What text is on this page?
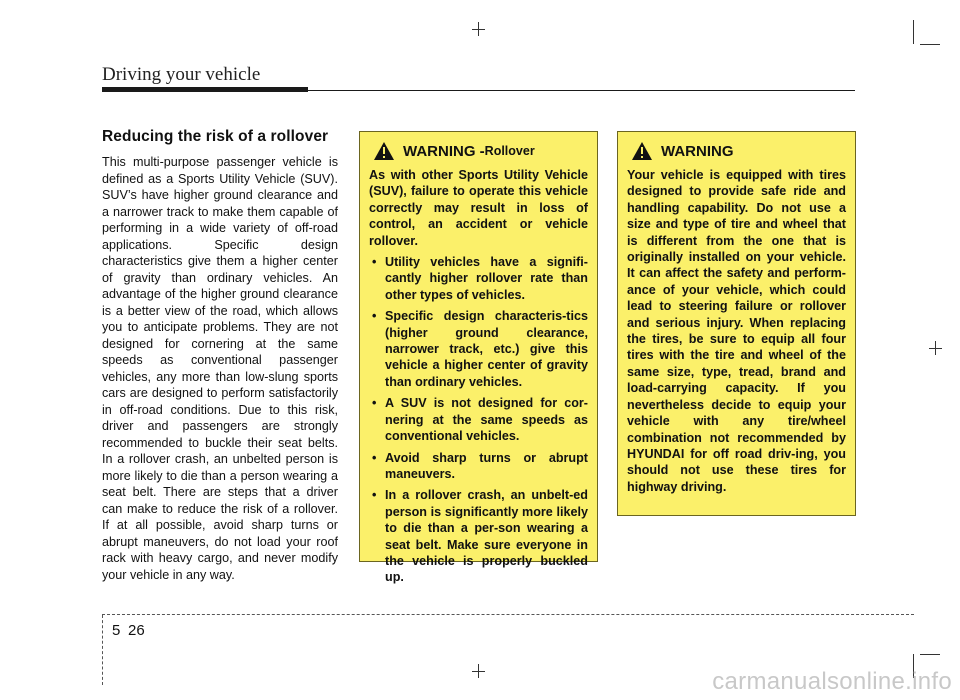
Driving your vehicle
Reducing the risk of a rollover

This multi-purpose passenger vehicle is defined as a Sports Utility Vehicle (SUV). SUV’s have higher ground clearance and a narrower track to make them capable of performing in a wide variety of off-road applications. Specific design characteristics give them a higher center of gravity than ordinary vehicles. An advantage of the higher ground clearance is a better view of the road, which allows you to anticipate problems. They are not designed for cornering at the same speeds as conventional passenger vehicles, any more than low-slung sports cars are designed to perform satisfactorily in off-road conditions. Due to this risk, driver and passengers are strongly recommended to buckle their seat belts. In a rollover crash, an unbelted person is more likely to die than a person wearing a seat belt. There are steps that a driver can make to reduce the risk of a rollover. If at all possible, avoid sharp turns or abrupt maneuvers, do not load your roof rack with heavy cargo, and never modify your vehicle in any way.

WARNING - Rollover

As with other Sports Utility Vehicle (SUV), failure to operate this vehicle correctly may result in loss of control, an accident or vehicle rollover.

• Utility vehicles have a signifi-cantly higher rollover rate than other types of vehicles.
• Specific design characteris-tics (higher ground clearance, narrower track, etc.) give this vehicle a higher center of gravity than ordinary vehicles.
• A SUV is not designed for cor-nering at the same speeds as conventional vehicles.
• Avoid sharp turns or abrupt maneuvers.
• In a rollover crash, an unbelt-ed person is significantly more likely to die than a per-son wearing a seat belt. Make sure everyone in the vehicle is properly buckled up.
WARNING

Your vehicle is equipped with tires designed to provide safe ride and handling capability. Do not use a size and type of tire and wheel that is different from the one that is originally installed on your vehicle. It can affect the safety and perform-ance of your vehicle, which could lead to steering failure or rollover and serious injury. When replacing the tires, be sure to equip all four tires with the tire and wheel of the same size, type, tread, brand and load-carrying capacity. If you nevertheless decide to equip your vehicle with any tire/wheel combination not recommended by HYUNDAI for off road driv-ing, you should not use these tires for highway driving.

5 26
carmanualsonline.info
